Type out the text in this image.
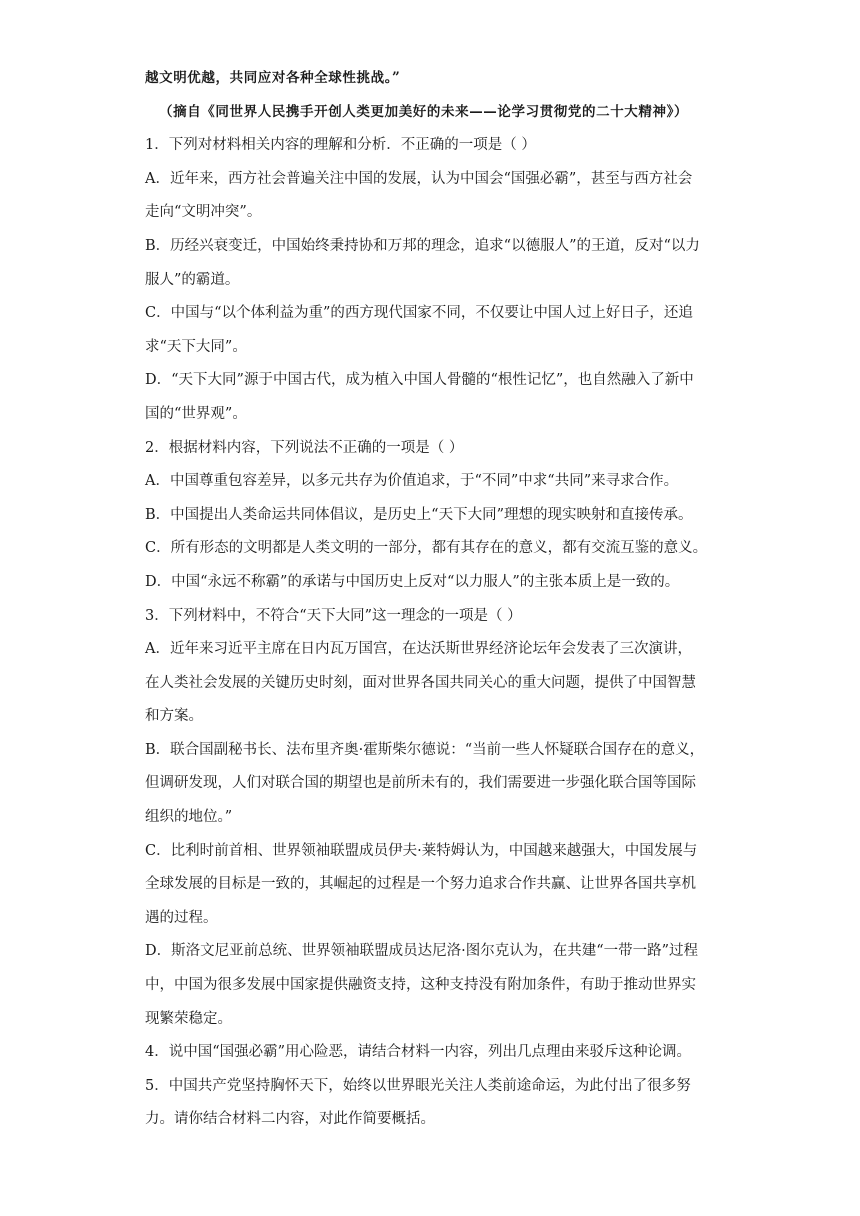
越文明优越，共同应对各种全球性挑战。”
（摘自《同世界人民携手开创人类更加美好的未来——论学习贯彻党的二十大精神》）
1．下列对材料相关内容的理解和分析．不正确的一项是（ ）
A．近年来，西方社会普遍关注中国的发展，认为中国会“国强必霸”，甚至与西方社会
走向“文明冲突”。
B．历经兴衰变迁，中国始终秉持协和万邦的理念，追求“以德服人”的王道，反对“以力
服人”的霸道。
C．中国与“以个体利益为重”的西方现代国家不同，不仅要让中国人过上好日子，还追
求“天下大同”。
D．“天下大同”源于中国古代，成为植入中国人骨髓的“根性记忆”，也自然融入了新中
国的“世界观”。
2．根据材料内容，下列说法不正确的一项是（ ）
A．中国尊重包容差异，以多元共存为价值追求，于“不同”中求“共同”来寻求合作。
B．中国提出人类命运共同体倡议，是历史上“天下大同”理想的现实映射和直接传承。
C．所有形态的文明都是人类文明的一部分，都有其存在的意义，都有交流互鉴的意义。
D．中国“永远不称霸”的承诺与中国历史上反对“以力服人”的主张本质上是一致的。
3．下列材料中，不符合“天下大同”这一理念的一项是（ ）
A．近年来习近平主席在日内瓦万国宫，在达沃斯世界经济论坛年会发表了三次演讲，
在人类社会发展的关键历史时刻，面对世界各国共同关心的重大问题，提供了中国智慧
和方案。
B．联合国副秘书长、法布里齐奥·霍斯柴尔德说：“当前一些人怀疑联合国存在的意义，
但调研发现，人们对联合国的期望也是前所未有的，我们需要进一步强化联合国等国际
组织的地位。”
C．比利时前首相、世界领袖联盟成员伊夫·莱特姆认为，中国越来越强大，中国发展与
全球发展的目标是一致的，其崛起的过程是一个努力追求合作共赢、让世界各国共享机
遇的过程。
D．斯洛文尼亚前总统、世界领袖联盟成员达尼洛·图尔克认为，在共建“一带一路”过程
中，中国为很多发展中国家提供融资支持，这种支持没有附加条件，有助于推动世界实
现繁荣稳定。
4．说中国“国强必霸”用心险恶，请结合材料一内容，列出几点理由来驳斥这种论调。
5．中国共产党坚持胸怀天下，始终以世界眼光关注人类前途命运，为此付出了很多努
力。请你结合材料二内容，对此作简要概括。
